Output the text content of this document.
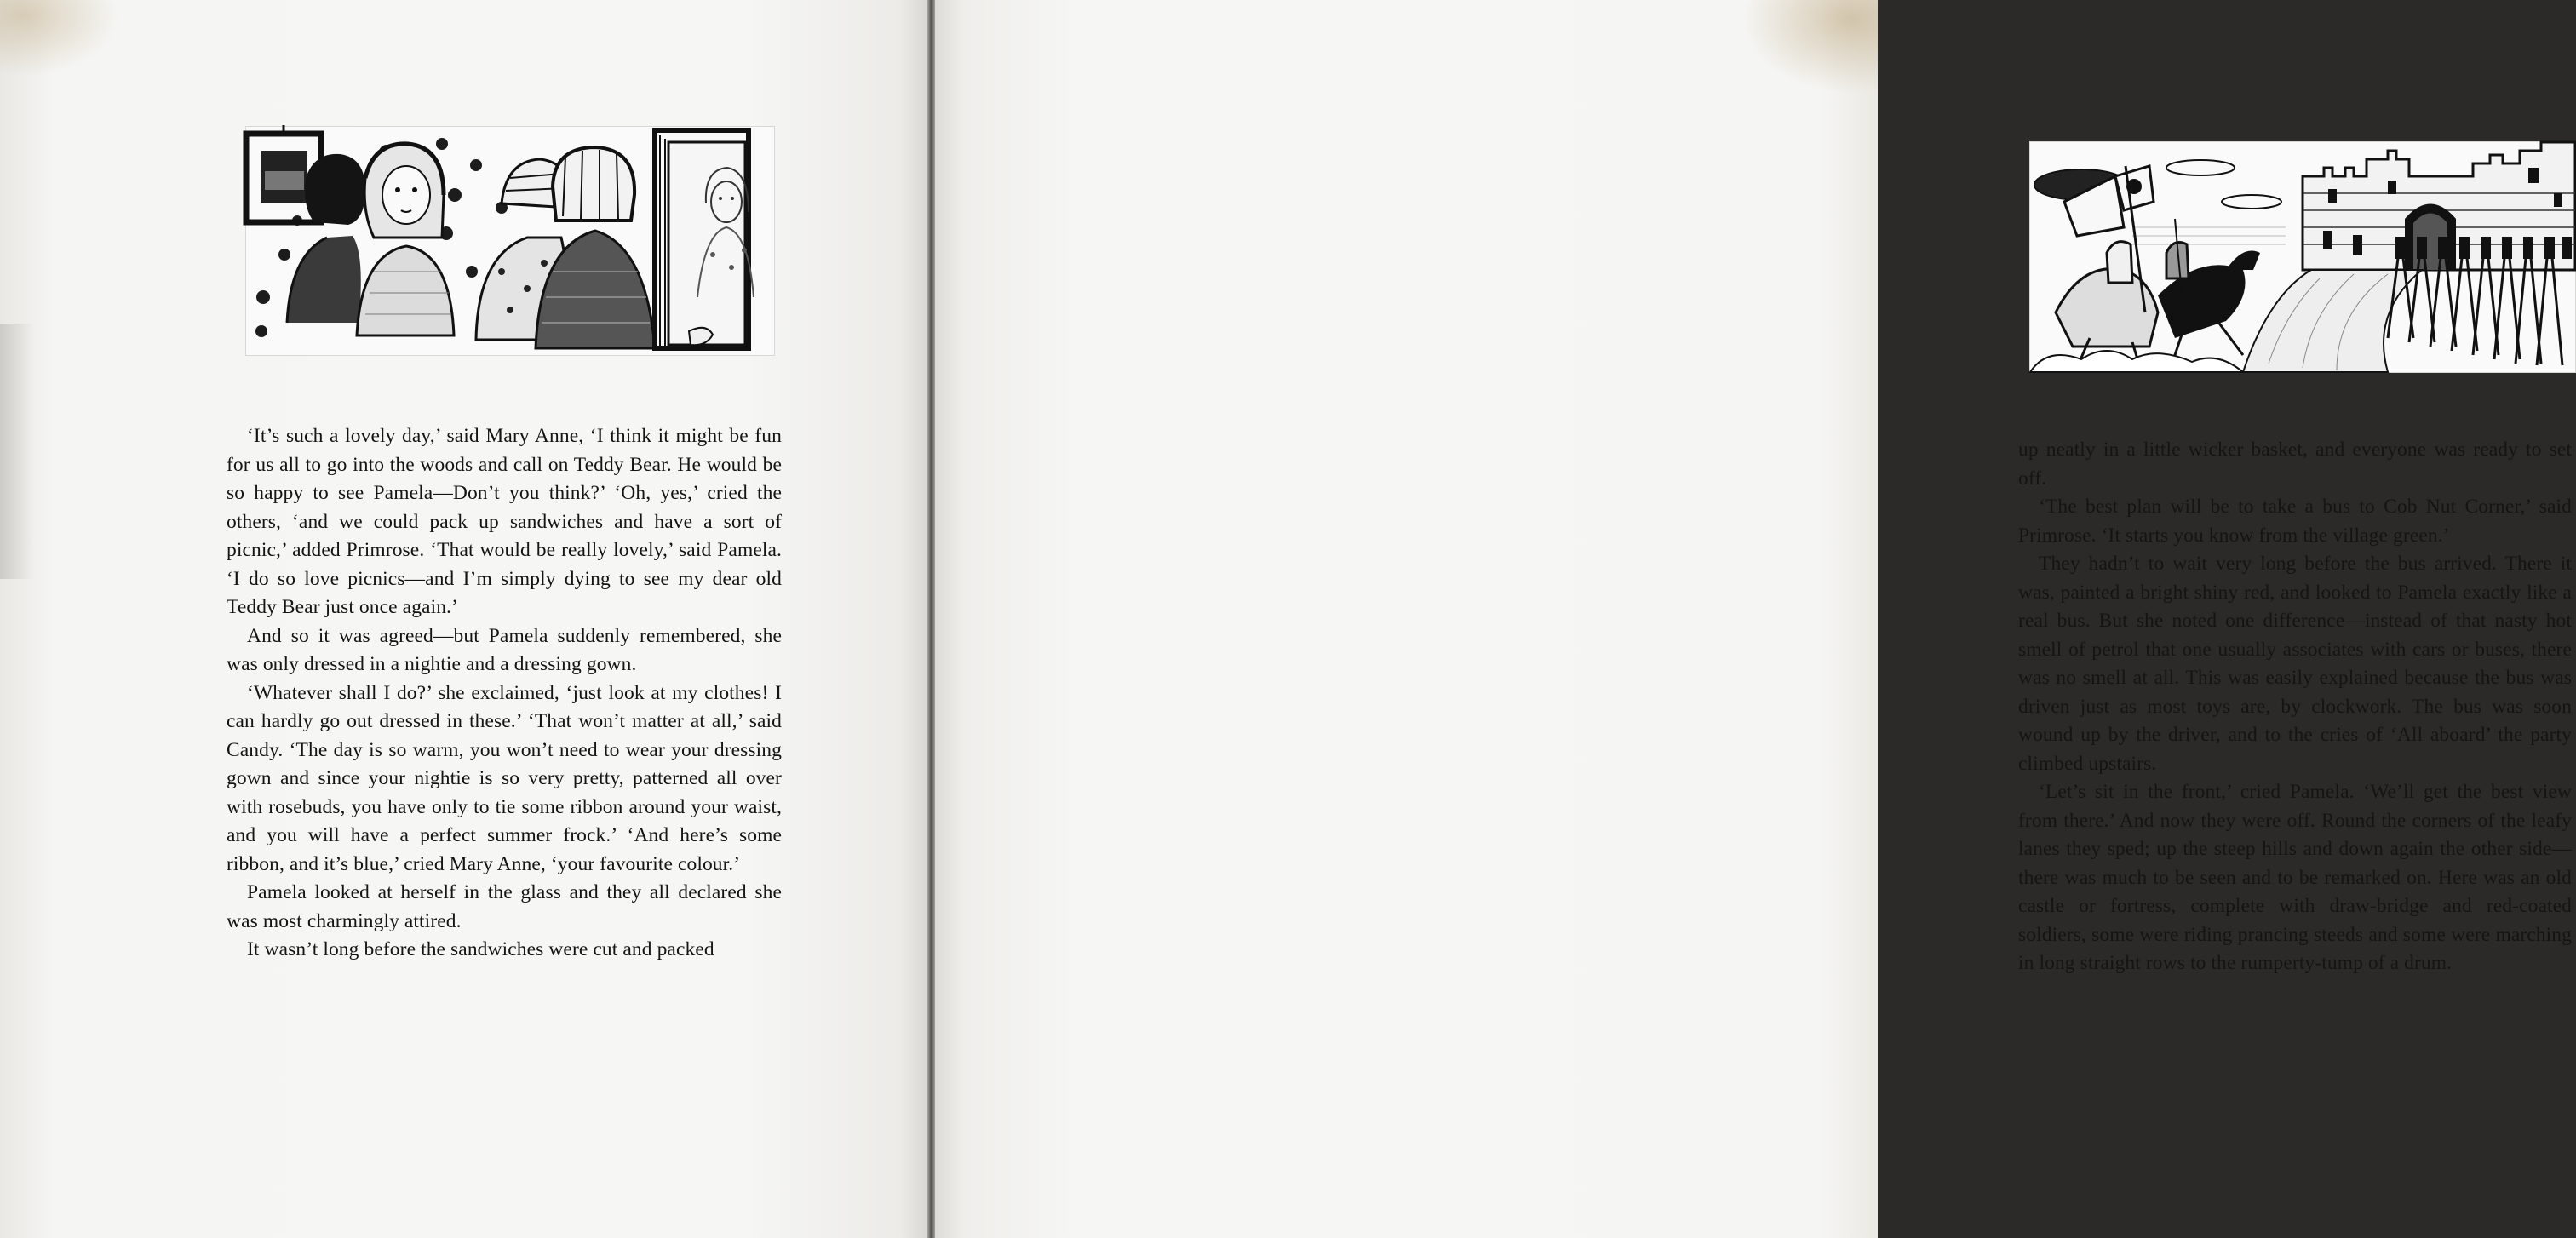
‘It’s such a lovely day,’ said Mary Anne, ‘I think it might be fun for us all to go into the woods and call on Teddy Bear. He would be so happy to see Pamela—Don’t you think?’ ‘Oh, yes,’ cried the others, ‘and we could pack up sandwiches and have a sort of picnic,’ added Primrose. ‘That would be really lovely,’ said Pamela. ‘I do so love picnics—and I’m simply dying to see my dear old Teddy Bear just once again.’

And so it was agreed—but Pamela suddenly remembered, she was only dressed in a nightie and a dressing gown.

‘Whatever shall I do?’ she exclaimed, ‘just look at my clothes! I can hardly go out dressed in these.’ ‘That won’t matter at all,’ said Candy. ‘The day is so warm, you won’t need to wear your dressing gown and since your nightie is so very pretty, patterned all over with rosebuds, you have only to tie some ribbon around your waist, and you will have a perfect summer frock.’ ‘And here’s some ribbon, and it’s blue,’ cried Mary Anne, ‘your favourite colour.’

Pamela looked at herself in the glass and they all declared she was most charmingly attired.

It wasn’t long before the sandwiches were cut and packed

up neatly in a little wicker basket, and everyone was ready to set off.

‘The best plan will be to take a bus to Cob Nut Corner,’ said Primrose. ‘It starts you know from the village green.’

They hadn’t to wait very long before the bus arrived. There it was, painted a bright shiny red, and looked to Pamela exactly like a real bus. But she noted one difference—instead of that nasty hot smell of petrol that one usually associates with cars or buses, there was no smell at all. This was easily explained because the bus was driven just as most toys are, by clockwork. The bus was soon wound up by the driver, and to the cries of ‘All aboard’ the party climbed upstairs.

‘Let’s sit in the front,’ cried Pamela. ‘We’ll get the best view from there.’ And now they were off. Round the corners of the leafy lanes they sped; up the steep hills and down again the other side—there was much to be seen and to be remarked on. Here was an old castle or fortress, complete with draw-bridge and red-coated soldiers, some were riding prancing steeds and some were marching in long straight rows to the rumperty-tump of a drum.
